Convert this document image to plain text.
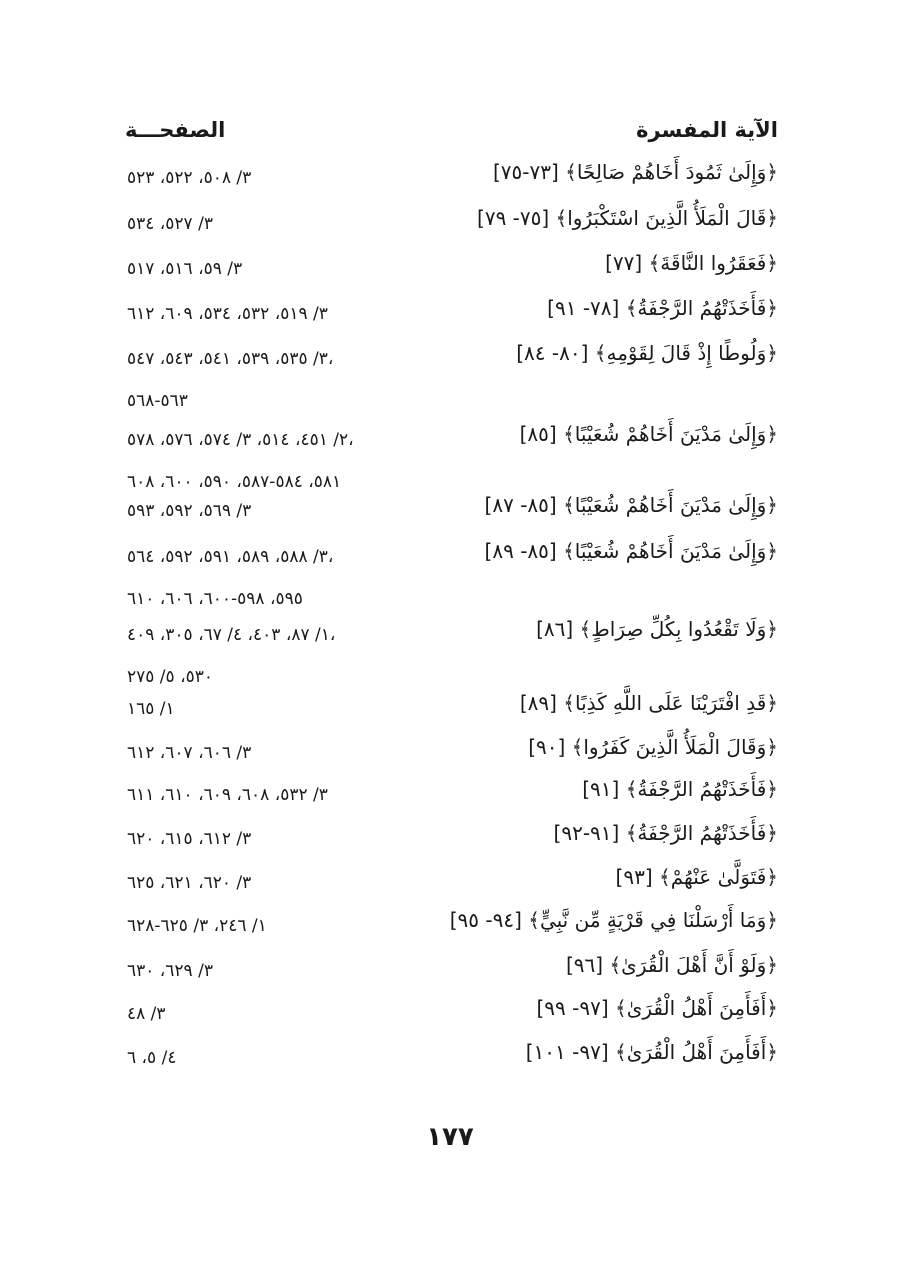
الآية المفسرة
الصفحـــة
﴿وَإِلَىٰ ثَمُودَ أَخَاهُمْ صَالِحًا﴾ [٧٣-٧٥]
٣/ ٥٠٨، ٥٢٢، ٥٢٣
﴿قَالَ الْمَلَأُ الَّذِينَ اسْتَكْبَرُوا﴾ [٧٥- ٧٩]
٣/ ٥٢٧، ٥٣٤
﴿فَعَقَرُوا النَّاقَةَ﴾ [٧٧]
٣/ ٥٩، ٥١٦، ٥١٧
﴿فَأَخَذَتْهُمُ الرَّجْفَةُ﴾ [٧٨- ٩١]
٣/ ٥١٩، ٥٣٢، ٥٣٤، ٦٠٩، ٦١٢
﴿وَلُوطًا إِذْ قَالَ لِقَوْمِهِ﴾ [٨٠- ٨٤]
٣/ ٥٣٥، ٥٣٩، ٥٤١، ٥٤٣، ٥٤٧،
٥٦٣-٥٦٨
﴿وَإِلَىٰ مَدْيَنَ أَخَاهُمْ شُعَيْبًا﴾ [٨٥]
٢/ ٤٥١، ٥١٤، ٣/ ٥٧٤، ٥٧٦، ٥٧٨،
٥٨١، ٥٨٤-٥٨٧، ٥٩٠، ٦٠٠، ٦٠٨
﴿وَإِلَىٰ مَدْيَنَ أَخَاهُمْ شُعَيْبًا﴾ [٨٥- ٨٧]
٣/ ٥٦٩، ٥٩٢، ٥٩٣
﴿وَإِلَىٰ مَدْيَنَ أَخَاهُمْ شُعَيْبًا﴾ [٨٥- ٨٩]
٣/ ٥٨٨، ٥٨٩، ٥٩١، ٥٩٢، ٥٦٤،
٥٩٥، ٥٩٨-٦٠٠، ٦٠٦، ٦١٠
﴿وَلَا تَقْعُدُوا بِكُلِّ صِرَاطٍ﴾ [٨٦]
١/ ٨٧، ٤٠٣، ٤/ ٦٧، ٣٠٥، ٤٠٩،
٥٣٠، ٥/ ٢٧٥
﴿قَدِ افْتَرَيْنَا عَلَى اللَّهِ كَذِبًا﴾ [٨٩]
١/ ١٦٥
﴿وَقَالَ الْمَلَأُ الَّذِينَ كَفَرُوا﴾ [٩٠]
٣/ ٦٠٦، ٦٠٧، ٦١٢
﴿فَأَخَذَتْهُمُ الرَّجْفَةُ﴾ [٩١]
٣/ ٥٣٢، ٦٠٨، ٦٠٩، ٦١٠، ٦١١
﴿فَأَخَذَتْهُمُ الرَّجْفَةُ﴾ [٩١-٩٢]
٣/ ٦١٢، ٦١٥، ٦٢٠
﴿فَتَوَلَّىٰ عَنْهُمْ﴾ [٩٣]
٣/ ٦٢٠، ٦٢١، ٦٢٥
﴿وَمَا أَرْسَلْنَا فِي قَرْيَةٍ مِّن نَّبِيٍّ﴾ [٩٤- ٩٥]
١/ ٢٤٦، ٣/ ٦٢٥-٦٢٨
﴿وَلَوْ أَنَّ أَهْلَ الْقُرَىٰ﴾ [٩٦]
٣/ ٦٢٩، ٦٣٠
﴿أَفَأَمِنَ أَهْلُ الْقُرَىٰ﴾ [٩٧- ٩٩]
٣/ ٤٨
﴿أَفَأَمِنَ أَهْلُ الْقُرَىٰ﴾ [٩٧- ١٠١]
٤/ ٥، ٦
١٧٧
